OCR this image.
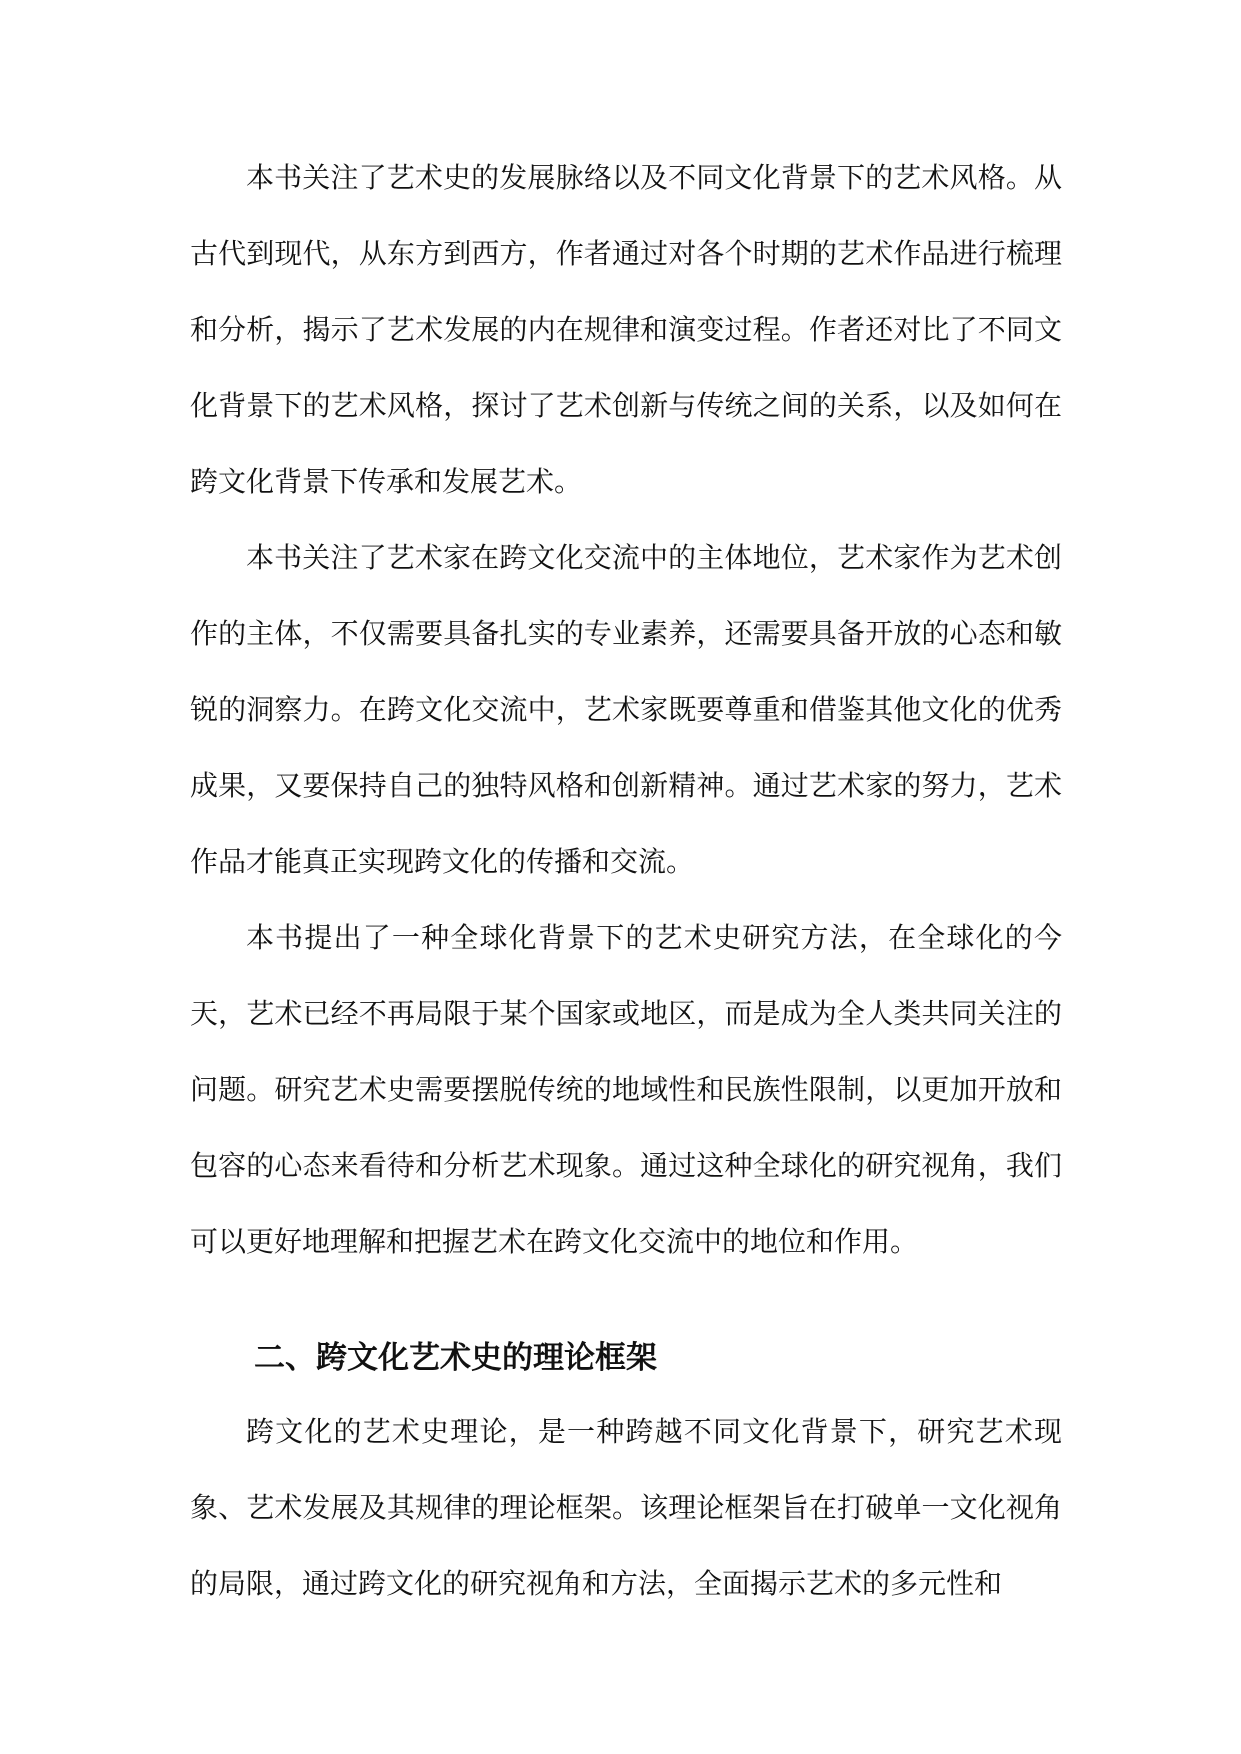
本书关注了艺术史的发展脉络以及不同文化背景下的艺术风格。从古代到现代，从东方到西方，作者通过对各个时期的艺术作品进行梳理和分析，揭示了艺术发展的内在规律和演变过程。作者还对比了不同文化背景下的艺术风格，探讨了艺术创新与传统之间的关系，以及如何在跨文化背景下传承和发展艺术。

本书关注了艺术家在跨文化交流中的主体地位，艺术家作为艺术创作的主体，不仅需要具备扎实的专业素养，还需要具备开放的心态和敏锐的洞察力。在跨文化交流中，艺术家既要尊重和借鉴其他文化的优秀成果，又要保持自己的独特风格和创新精神。通过艺术家的努力，艺术作品才能真正实现跨文化的传播和交流。

本书提出了一种全球化背景下的艺术史研究方法，在全球化的今天，艺术已经不再局限于某个国家或地区，而是成为全人类共同关注的问题。研究艺术史需要摆脱传统的地域性和民族性限制，以更加开放和包容的心态来看待和分析艺术现象。通过这种全球化的研究视角，我们可以更好地理解和把握艺术在跨文化交流中的地位和作用。

二、跨文化艺术史的理论框架

跨文化的艺术史理论，是一种跨越不同文化背景下，研究艺术现象、艺术发展及其规律的理论框架。该理论框架旨在打破单一文化视角的局限，通过跨文化的研究视角和方法，全面揭示艺术的多元性和
